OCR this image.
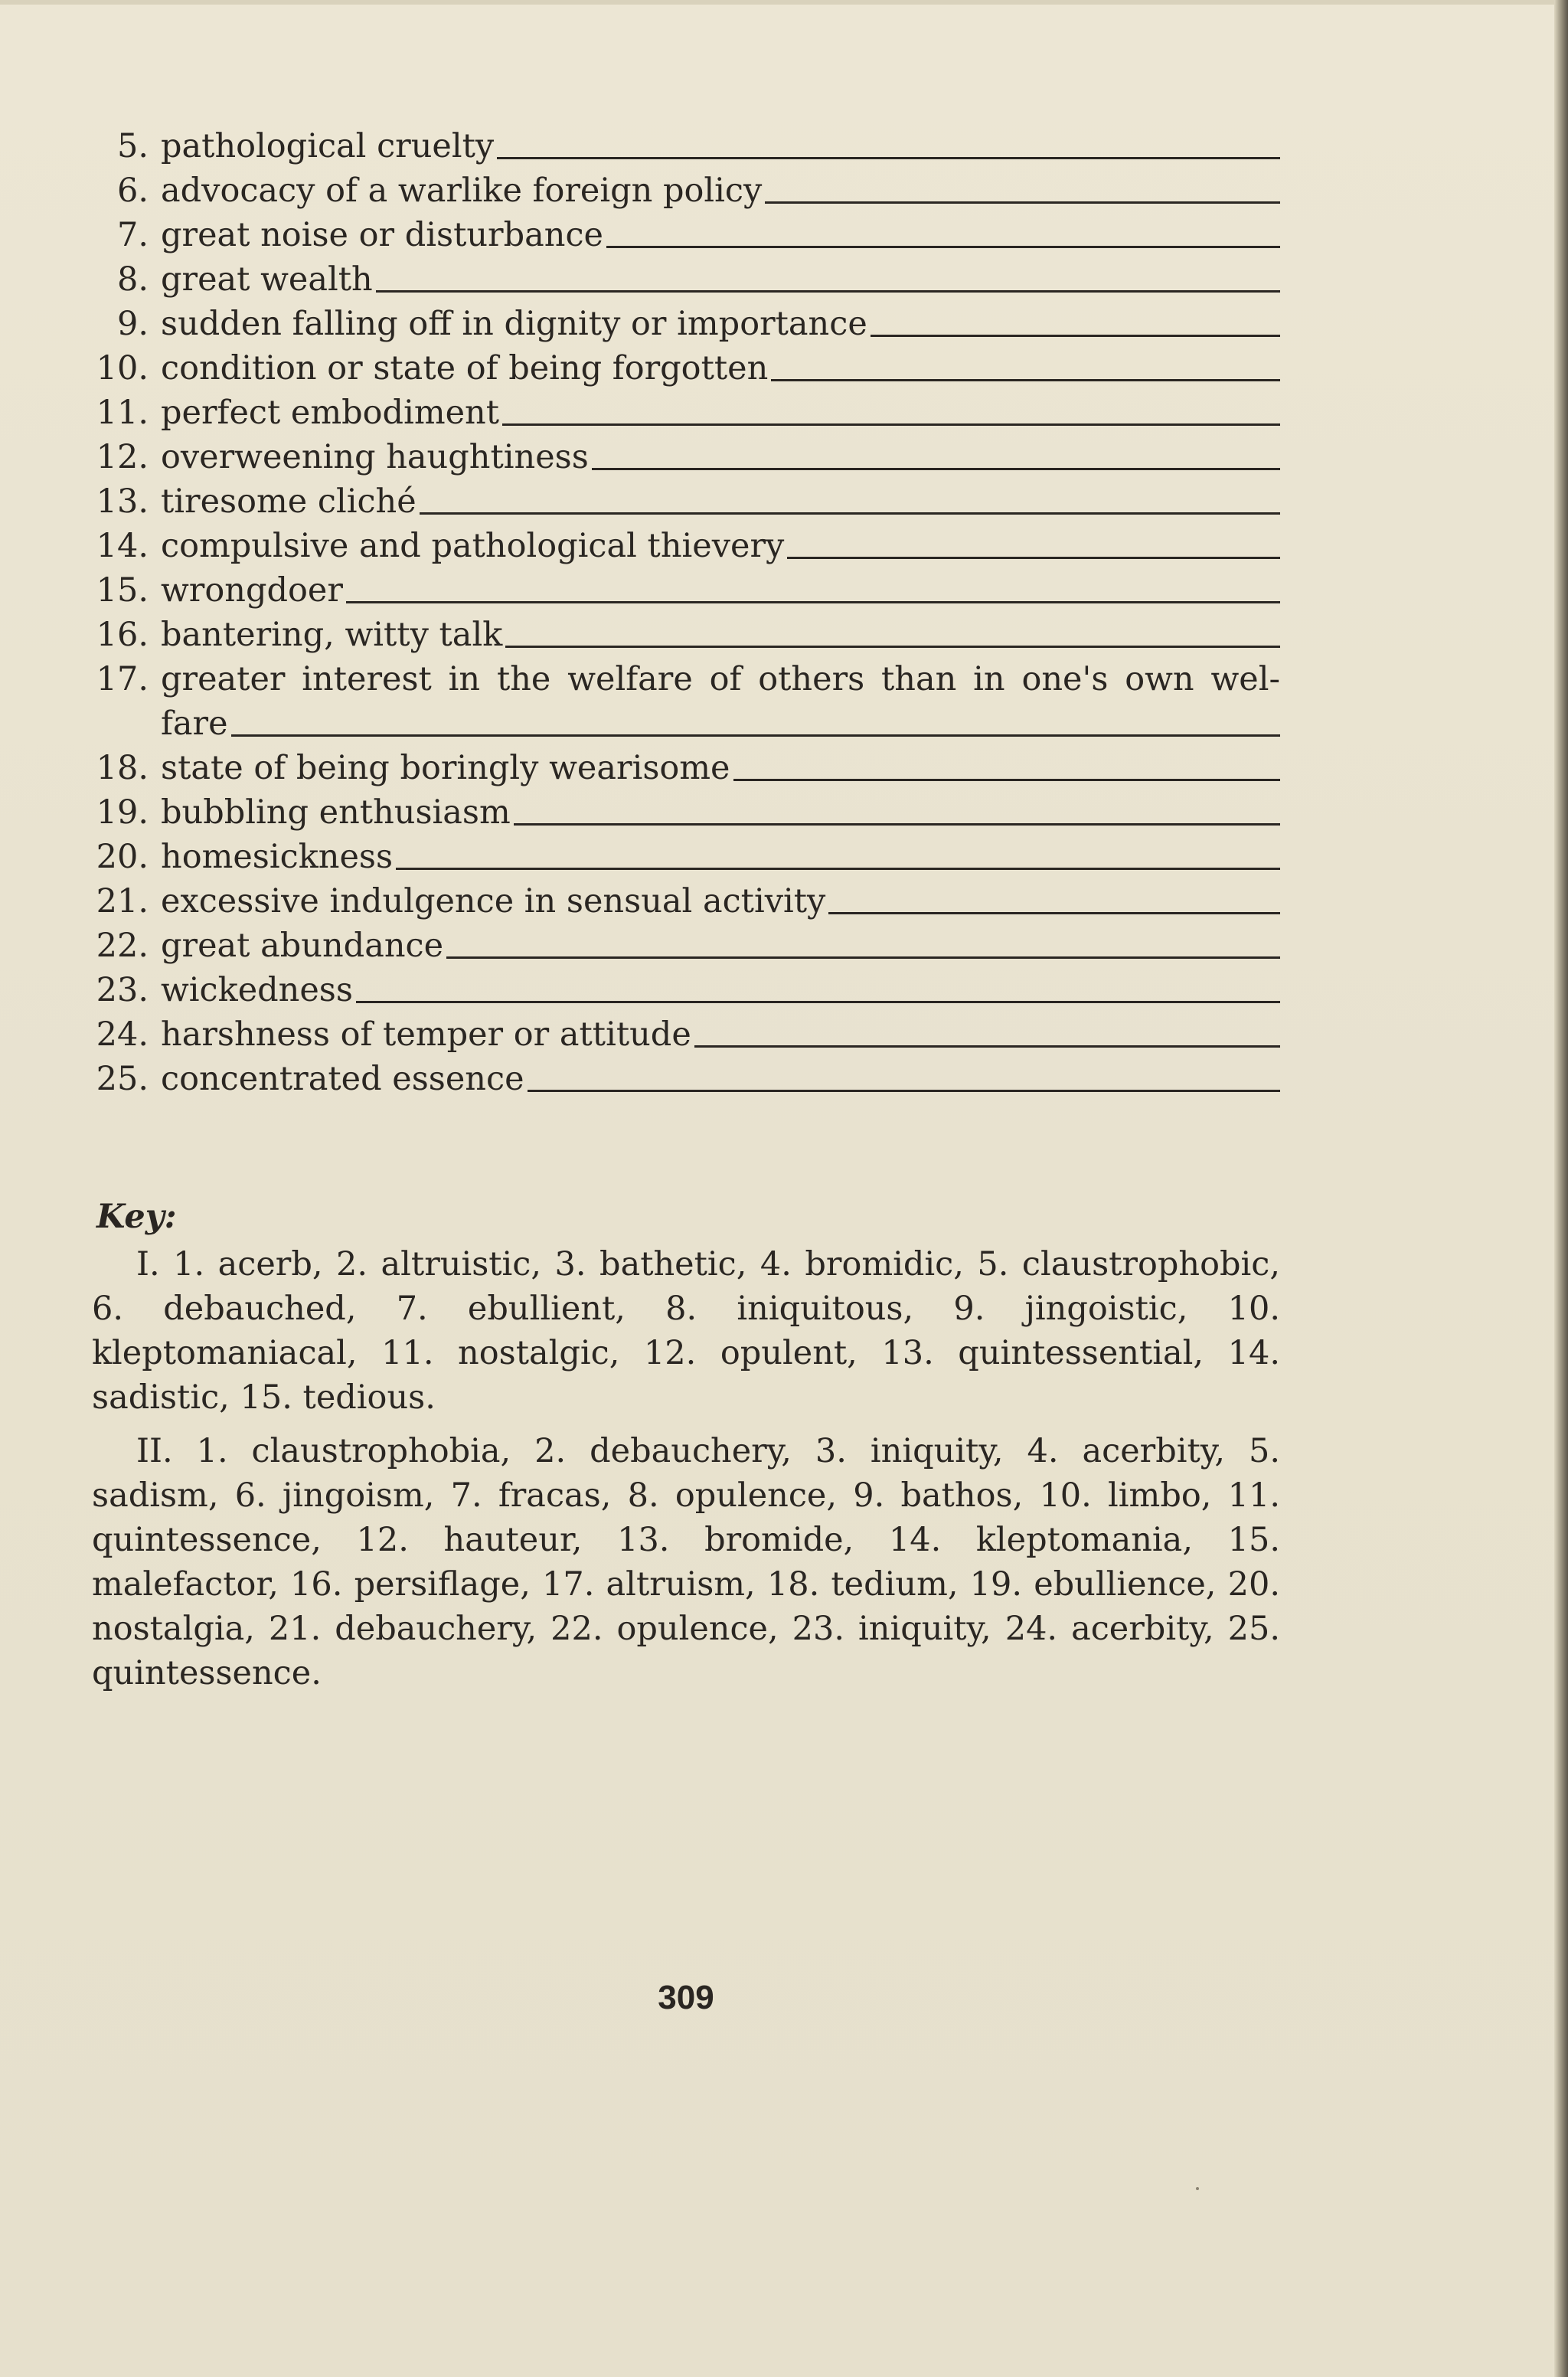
5. pathological cruelty
6. advocacy of a warlike foreign policy
7. great noise or disturbance
8. great wealth
9. sudden falling off in dignity or importance
10. condition or state of being forgotten
11. perfect embodiment
12. overweening haughtiness
13. tiresome cliché
14. compulsive and pathological thievery
15. wrongdoer
16. bantering, witty talk
17. greater interest in the welfare of others than in one's own wel-
fare
18. state of being boringly wearisome
19. bubbling enthusiasm
20. homesickness
21. excessive indulgence in sensual activity
22. great abundance
23. wickedness
24. harshness of temper or attitude
25. concentrated essence
Key:
I. 1. acerb, 2. altruistic, 3. bathetic, 4. bromidic, 5. claustrophobic, 6. debauched, 7. ebullient, 8. iniquitous, 9. jingoistic, 10. kleptomaniacal, 11. nostalgic, 12. opulent, 13. quintessential, 14. sadistic, 15. tedious.
II. 1. claustrophobia, 2. debauchery, 3. iniquity, 4. acerbity, 5. sadism, 6. jingoism, 7. fracas, 8. opulence, 9. bathos, 10. limbo, 11. quintessence, 12. hauteur, 13. bromide, 14. kleptomania, 15. malefactor, 16. persiflage, 17. altruism, 18. tedium, 19. ebullience, 20. nostalgia, 21. debauchery, 22. opulence, 23. iniquity, 24. acerbity, 25. quintessence.
309
